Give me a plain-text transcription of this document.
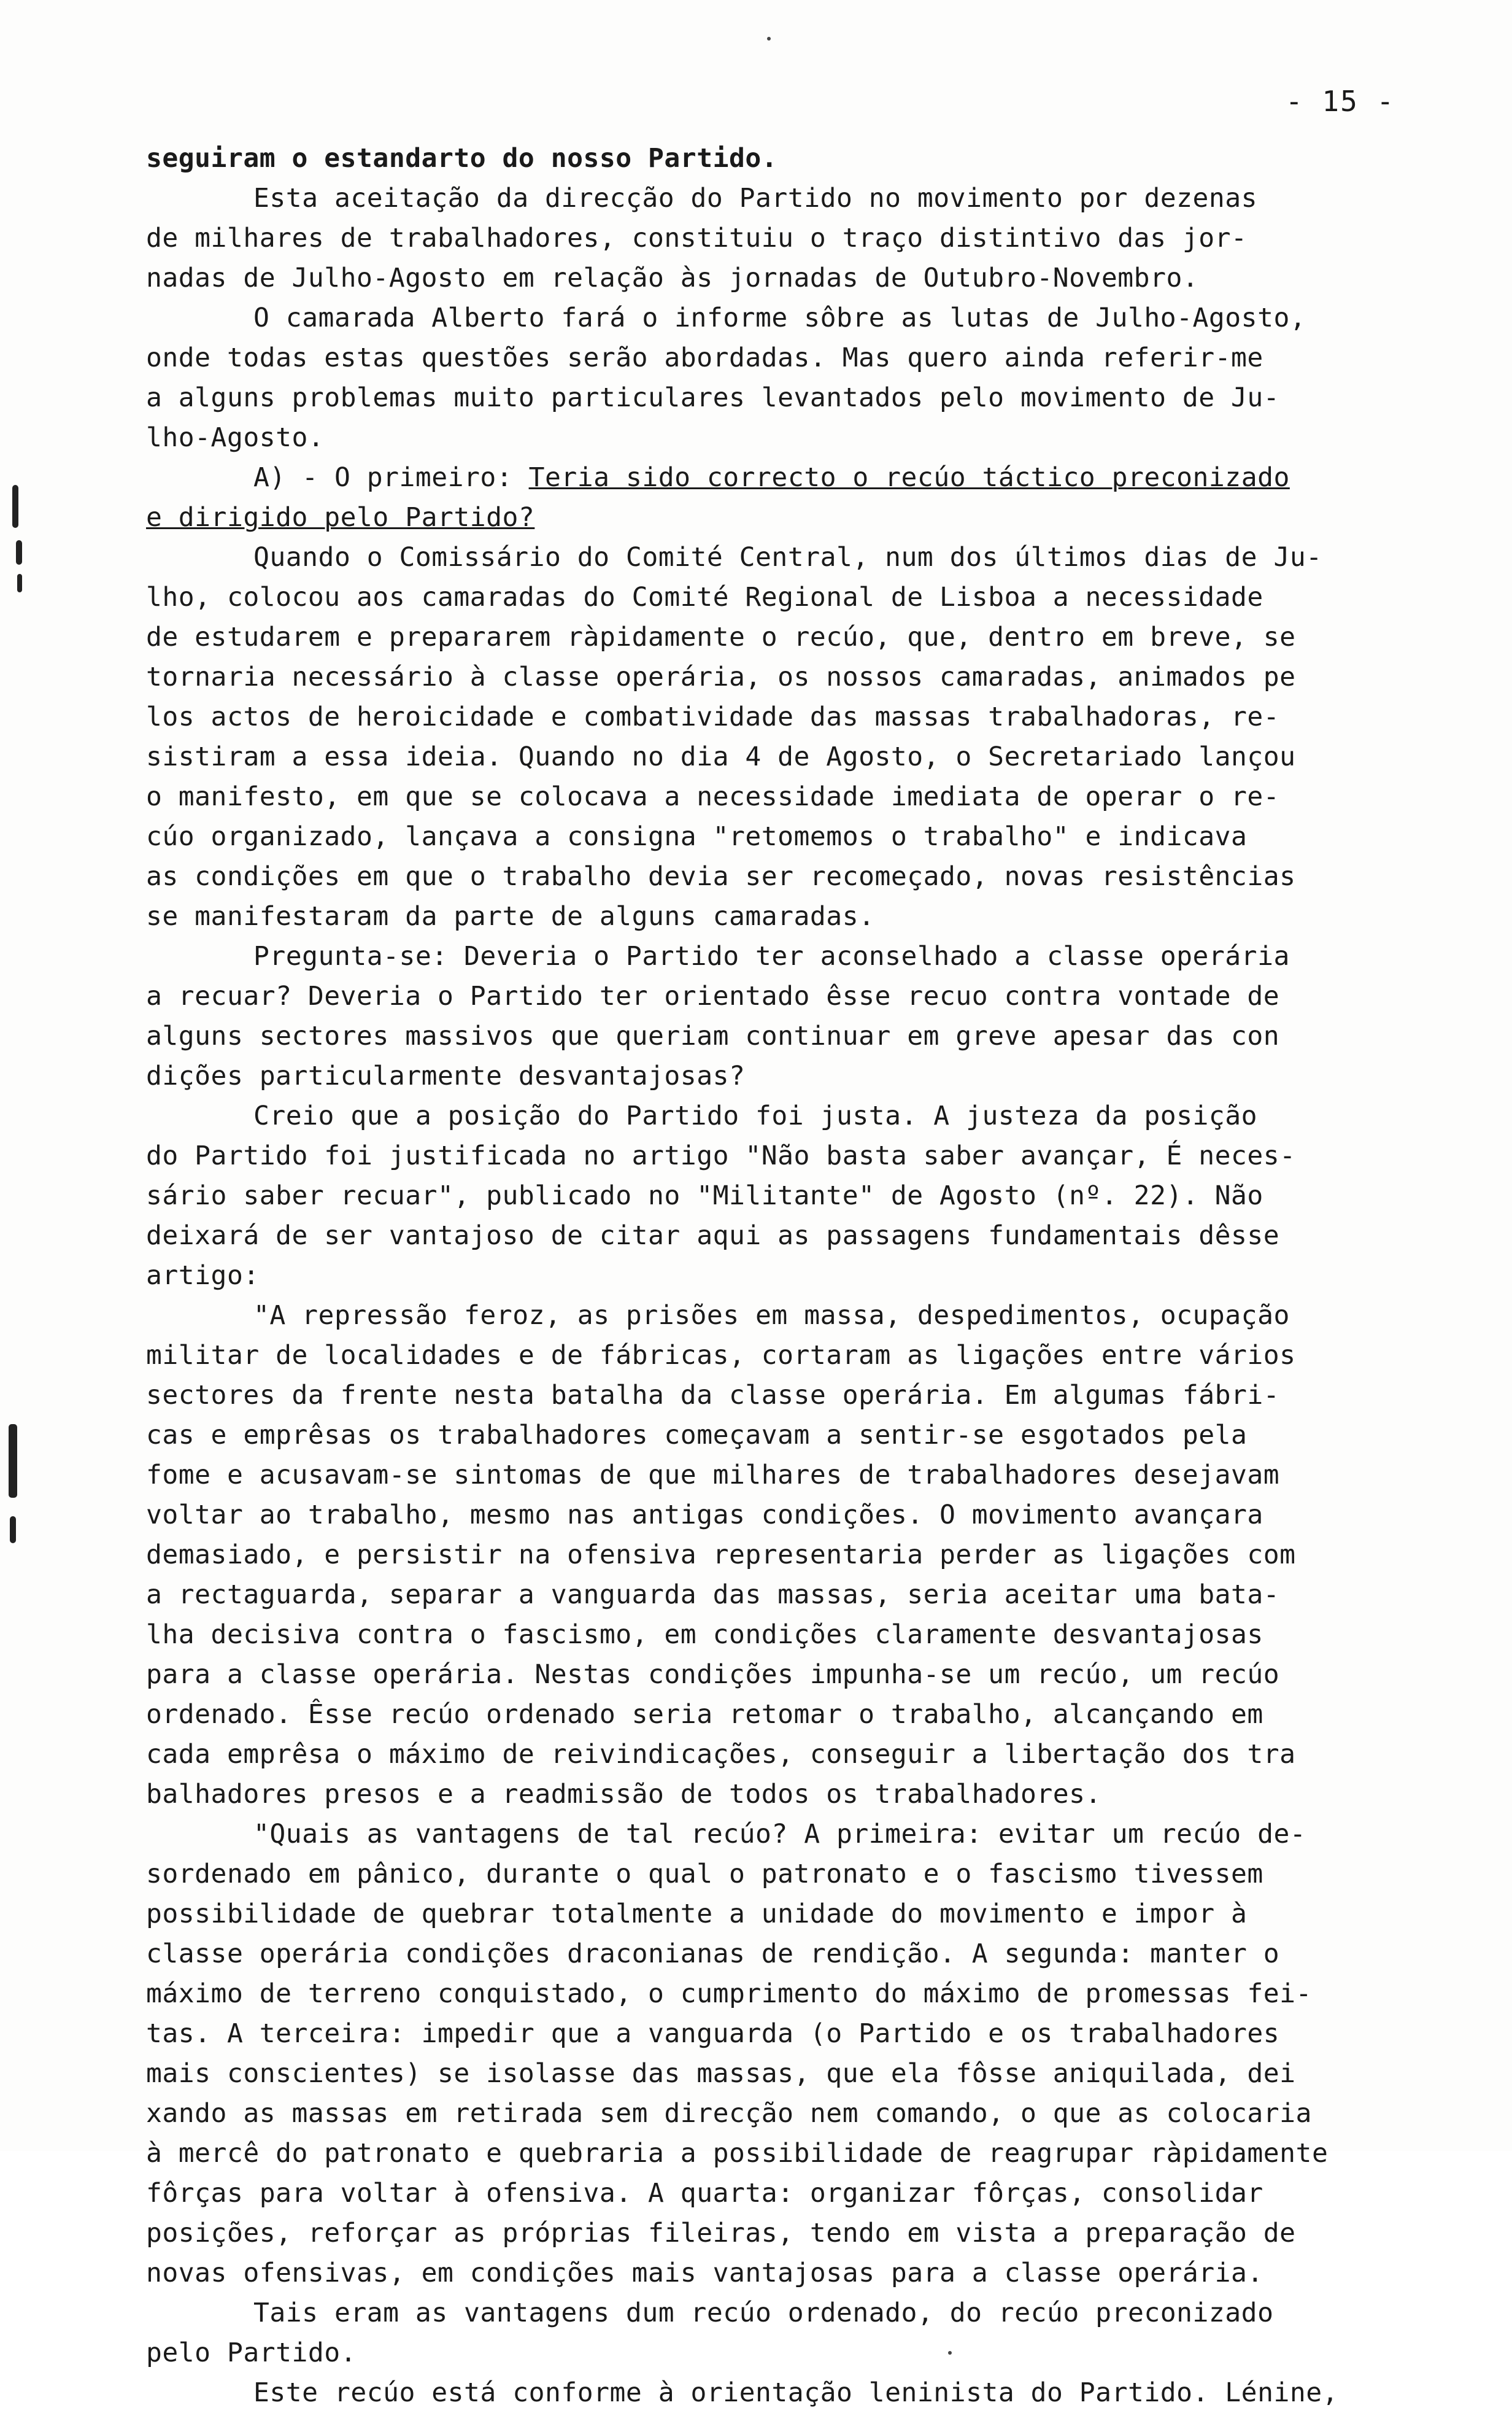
- 15 -
seguiram o estandarto do nosso Partido.
Esta aceitação da direcção do Partido no movimento por dezenas
de milhares de trabalhadores, constituiu o traço distintivo das jor-
nadas de Julho-Agosto em relação às jornadas de Outubro-Novembro.
O camarada Alberto fará o informe sôbre as lutas de Julho-Agosto,
onde todas estas questões serão abordadas. Mas quero ainda referir-me
a alguns problemas muito particulares levantados pelo movimento de Ju-
lho-Agosto.
A) - O primeiro: Teria sido correcto o recúo táctico preconizado
e dirigido pelo Partido?
Quando o Comissário do Comité Central, num dos últimos dias de Ju-
lho, colocou aos camaradas do Comité Regional de Lisboa a necessidade
de estudarem e prepararem ràpidamente o recúo, que, dentro em breve, se
tornaria necessário à classe operária, os nossos camaradas, animados pe
los actos de heroicidade e combatividade das massas trabalhadoras, re-
sistiram a essa ideia. Quando no dia 4 de Agosto, o Secretariado lançou
o manifesto, em que se colocava a necessidade imediata de operar o re-
cúo organizado, lançava a consigna "retomemos o trabalho" e indicava
as condições em que o trabalho devia ser recomeçado, novas resistências
se manifestaram da parte de alguns camaradas.
Pregunta-se: Deveria o Partido ter aconselhado a classe operária
a recuar? Deveria o Partido ter orientado êsse recuo contra vontade de
alguns sectores massivos que queriam continuar em greve apesar das con
dições particularmente desvantajosas?
Creio que a posição do Partido foi justa. A justeza da posição
do Partido foi justificada no artigo "Não basta saber avançar, É neces-
sário saber recuar", publicado no "Militante" de Agosto (nº. 22). Não
deixará de ser vantajoso de citar aqui as passagens fundamentais dêsse
artigo:
"A repressão feroz, as prisões em massa, despedimentos, ocupação
militar de localidades e de fábricas, cortaram as ligações entre vários
sectores da frente nesta batalha da classe operária. Em algumas fábri-
cas e emprêsas os trabalhadores começavam a sentir-se esgotados pela
fome e acusavam-se sintomas de que milhares de trabalhadores desejavam
voltar ao trabalho, mesmo nas antigas condições. O movimento avançara
demasiado, e persistir na ofensiva representaria perder as ligações com
a rectaguarda, separar a vanguarda das massas, seria aceitar uma bata-
lha decisiva contra o fascismo, em condições claramente desvantajosas
para a classe operária. Nestas condições impunha-se um recúo, um recúo
ordenado. Êsse recúo ordenado seria retomar o trabalho, alcançando em
cada emprêsa o máximo de reivindicações, conseguir a libertação dos tra
balhadores presos e a readmissão de todos os trabalhadores.
"Quais as vantagens de tal recúo? A primeira: evitar um recúo de-
sordenado em pânico, durante o qual o patronato e o fascismo tivessem
possibilidade de quebrar totalmente a unidade do movimento e impor à
classe operária condições draconianas de rendição. A segunda: manter o
máximo de terreno conquistado, o cumprimento do máximo de promessas fei-
tas. A terceira: impedir que a vanguarda (o Partido e os trabalhadores
mais conscientes) se isolasse das massas, que ela fôsse aniquilada, dei
xando as massas em retirada sem direcção nem comando, o que as colocaria
à mercê do patronato e quebraria a possibilidade de reagrupar ràpidamente
fôrças para voltar à ofensiva. A quarta: organizar fôrças, consolidar
posições, reforçar as próprias fileiras, tendo em vista a preparação de
novas ofensivas, em condições mais vantajosas para a classe operária.
Tais eram as vantagens dum recúo ordenado, do recúo preconizado
pelo Partido.
Este recúo está conforme à orientação leninista do Partido. Lénine,
